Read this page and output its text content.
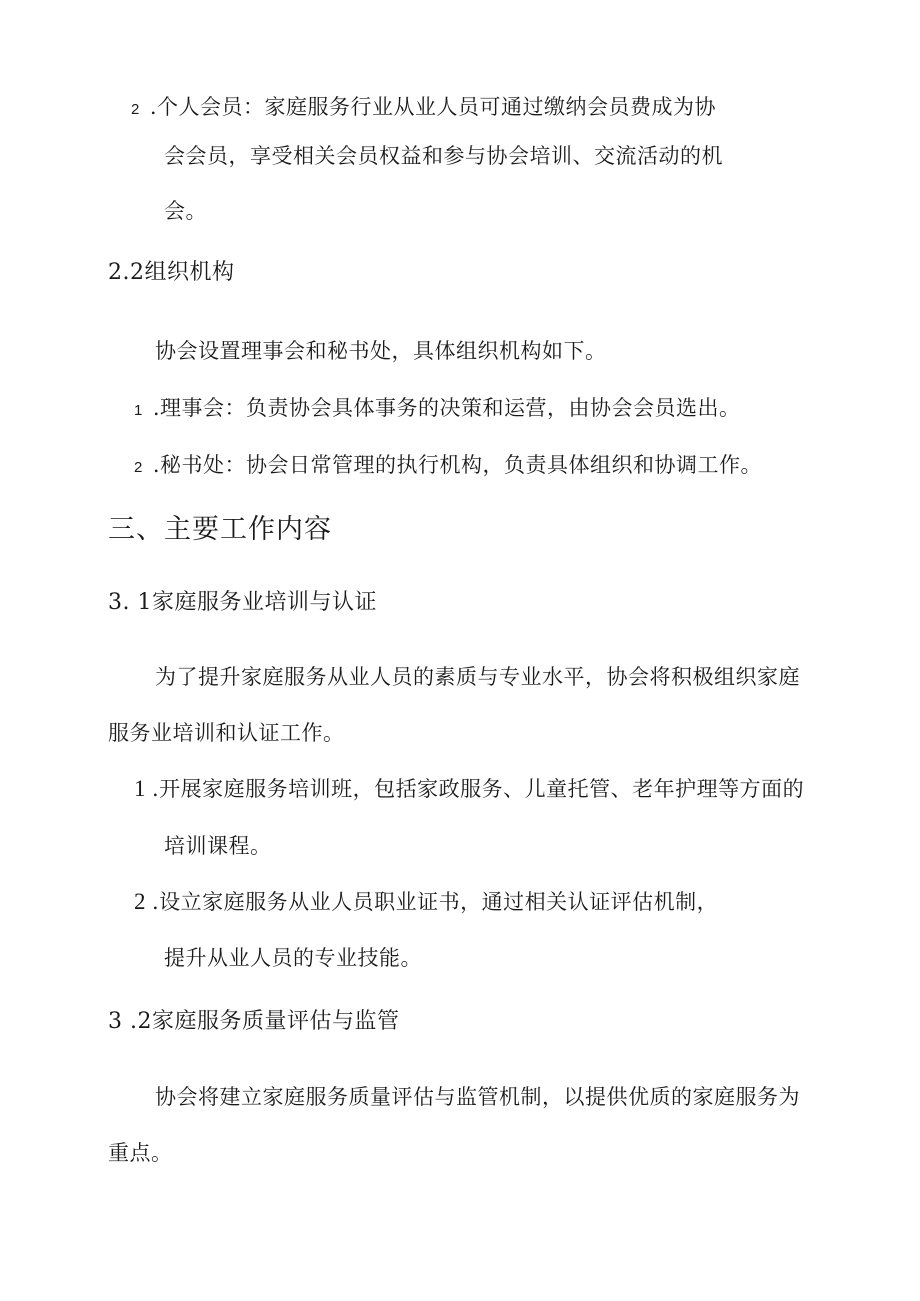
2 .个人会员：家庭服务行业从业人员可通过缴纳会员费成为协
会会员，享受相关会员权益和参与协会培训、交流活动的机
会。
2.2组织机构
协会设置理事会和秘书处，具体组织机构如下。
1 .理事会：负责协会具体事务的决策和运营，由协会会员选出。
2 .秘书处：协会日常管理的执行机构，负责具体组织和协调工作。
三、主要工作内容
3. 1家庭服务业培训与认证
为了提升家庭服务从业人员的素质与专业水平，协会将积极组织家庭
服务业培训和认证工作。
1 .开展家庭服务培训班，包括家政服务、儿童托管、老年护理等方面的
培训课程。
2 .设立家庭服务从业人员职业证书，通过相关认证评估机制，
提升从业人员的专业技能。
3 .2家庭服务质量评估与监管
协会将建立家庭服务质量评估与监管机制，以提供优质的家庭服务为
重点。
